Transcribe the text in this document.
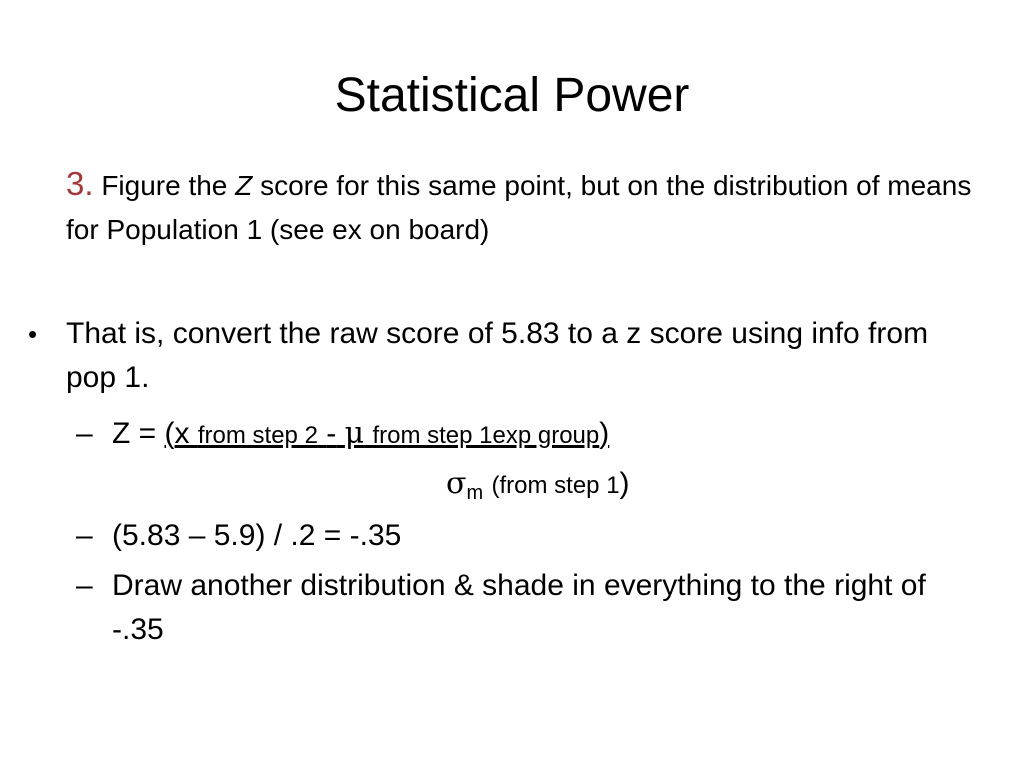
Statistical Power
3. Figure the Z score for this same point, but on the distribution of means for Population 1 (see ex on board)
• That is, convert the raw score of 5.83 to a z score using info from pop 1.
– Z = (x from step 2 - μ from step 1exp group)
$\sigma_m$ (from step 1)
– (5.83 – 5.9) / .2 = -.35
– Draw another distribution & shade in everything to the right of -.35
